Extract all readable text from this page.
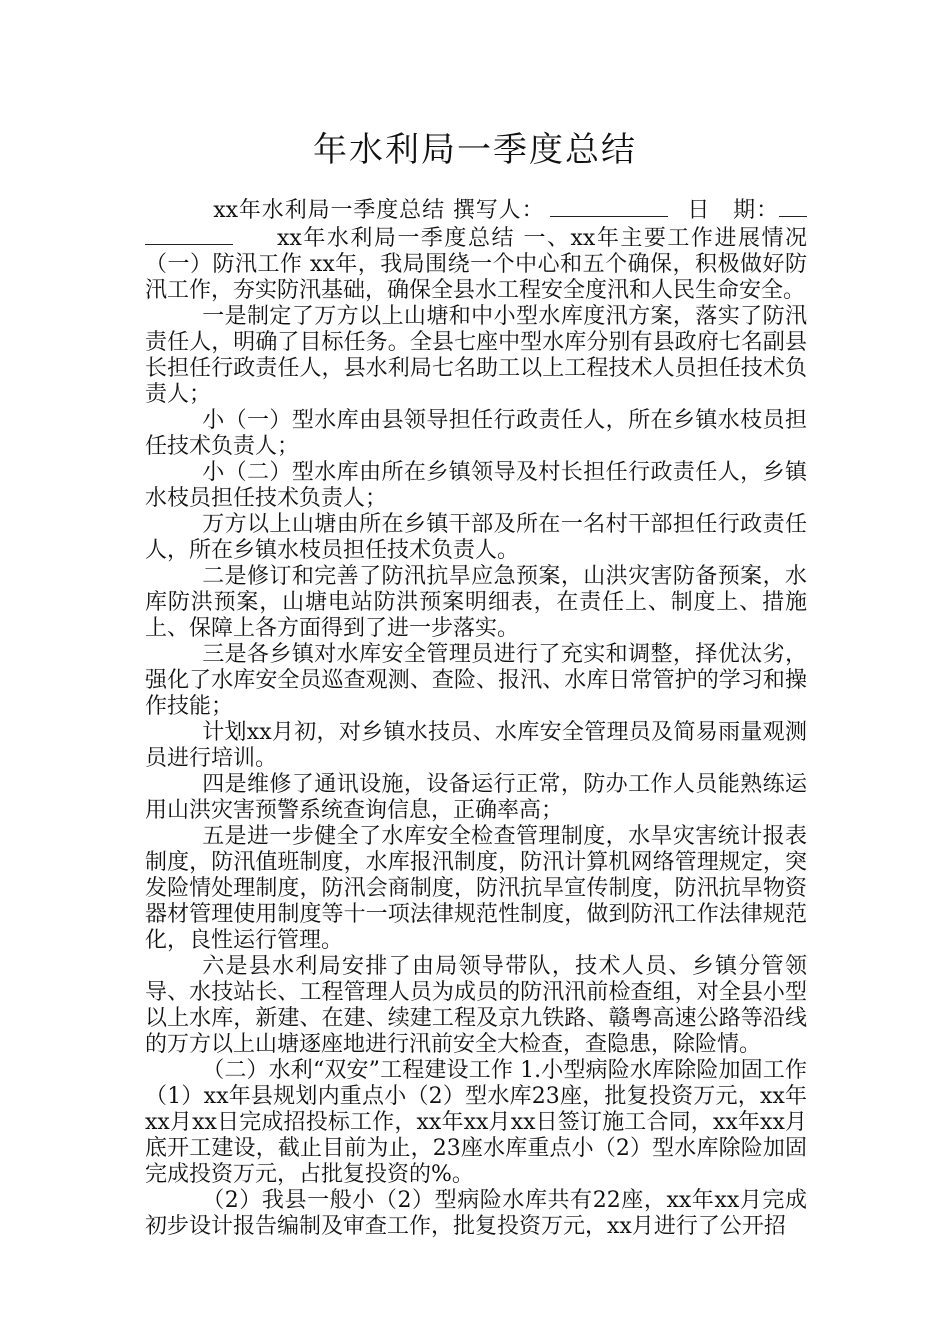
年水利局一季度总结

xx年水利局一季度总结 撰写人：	日　期：xx年水利局一季度总结 一、xx年主要工作进展情况（一）防汛工作 xx年，我局围绕一个中心和五个确保，积极做好防汛工作，夯实防汛基础，确保全县水工程安全度汛和人民生命安全。

一是制定了万方以上山塘和中小型水库度汛方案，落实了防汛责任人，明确了目标任务。全县七座中型水库分别有县政府七名副县长担任行政责任人，县水利局七名助工以上工程技术人员担任技术负责人；

小（一）型水库由县领导担任行政责任人，所在乡镇水枝员担任技术负责人；

小（二）型水库由所在乡镇领导及村长担任行政责任人，乡镇水枝员担任技术负责人；

万方以上山塘由所在乡镇干部及所在一名村干部担任行政责任人，所在乡镇水枝员担任技术负责人。

二是修订和完善了防汛抗旱应急预案，山洪灾害防备预案，水库防洪预案，山塘电站防洪预案明细表，在责任上、制度上、措施上、保障上各方面得到了进一步落实。

三是各乡镇对水库安全管理员进行了充实和调整，择优汰劣，强化了水库安全员巡查观测、查险、报汛、水库日常管护的学习和操作技能；

计划xx月初，对乡镇水技员、水库安全管理员及简易雨量观测员进行培训。

四是维修了通讯设施，设备运行正常，防办工作人员能熟练运用山洪灾害预警系统查询信息，正确率高；

五是进一步健全了水库安全检查管理制度，水旱灾害统计报表制度，防汛值班制度，水库报汛制度，防汛计算机网络管理规定，突发险情处理制度，防汛会商制度，防汛抗旱宣传制度，防汛抗旱物资器材管理使用制度等十一项法律规范性制度，做到防汛工作法律规范化，良性运行管理。

六是县水利局安排了由局领导带队，技术人员、乡镇分管领导、水技站长、工程管理人员为成员的防汛汛前检查组，对全县小型以上水库，新建、在建、续建工程及京九铁路、赣粤高速公路等沿线的万方以上山塘逐座地进行汛前安全大检查，查隐患，除险情。

（二）水利“双安”工程建设工作 1.小型病险水库除险加固工作 （1）xx年县规划内重点小（2）型水库23座，批复投资万元，xx年xx月xx日完成招投标工作，xx年xx月xx日签订施工合同，xx年xx月底开工建设，截止目前为止，23座水库重点小（2）型水库除险加固完成投资万元，占批复投资的%。

（2）我县一般小（2）型病险水库共有22座，xx年xx月完成初步设计报告编制及审查工作，批复投资万元，xx月进行了公开招
